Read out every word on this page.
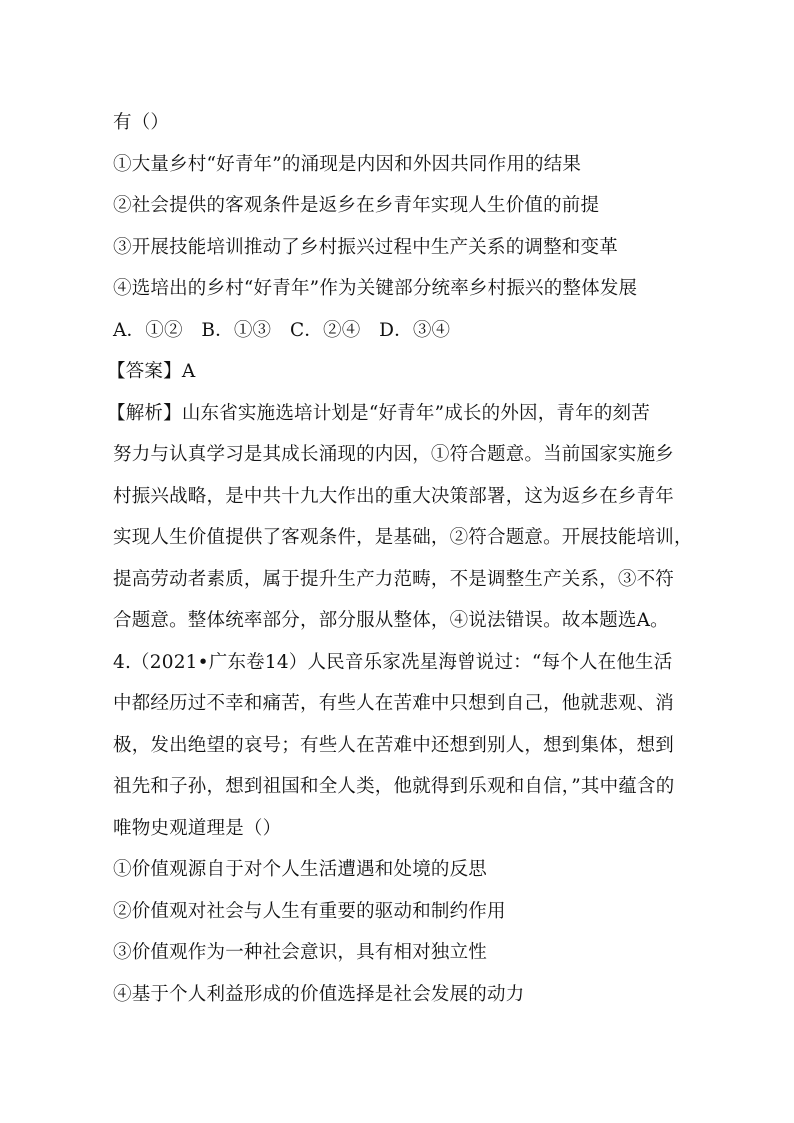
有（）
①大量乡村“好青年”的涌现是内因和外因共同作用的结果
②社会提供的客观条件是返乡在乡青年实现人生价值的前提
③开展技能培训推动了乡村振兴过程中生产关系的调整和变革
④选培出的乡村“好青年”作为关键部分统率乡村振兴的整体发展
A．①②　B．①③　C．②④　D．③④
【答案】A
【解析】山东省实施选培计划是“好青年”成长的外因，青年的刻苦
努力与认真学习是其成长涌现的内因，①符合题意。当前国家实施乡
村振兴战略，是中共十九大作出的重大决策部署，这为返乡在乡青年
实现人生价值提供了客观条件，是基础，②符合题意。开展技能培训，
提高劳动者素质，属于提升生产力范畴，不是调整生产关系，③不符
合题意。整体统率部分，部分服从整体，④说法错误。故本题选A。
4.（2021•广东卷14）人民音乐家冼星海曾说过：“每个人在他生活
中都经历过不幸和痛苦，有些人在苦难中只想到自己，他就悲观、消
极，发出绝望的哀号；有些人在苦难中还想到别人，想到集体，想到
祖先和子孙，想到祖国和全人类，他就得到乐观和自信，”其中蕴含的
唯物史观道理是（）
①价值观源自于对个人生活遭遇和处境的反思
②价值观对社会与人生有重要的驱动和制约作用
③价值观作为一种社会意识，具有相对独立性
④基于个人利益形成的价值选择是社会发展的动力
